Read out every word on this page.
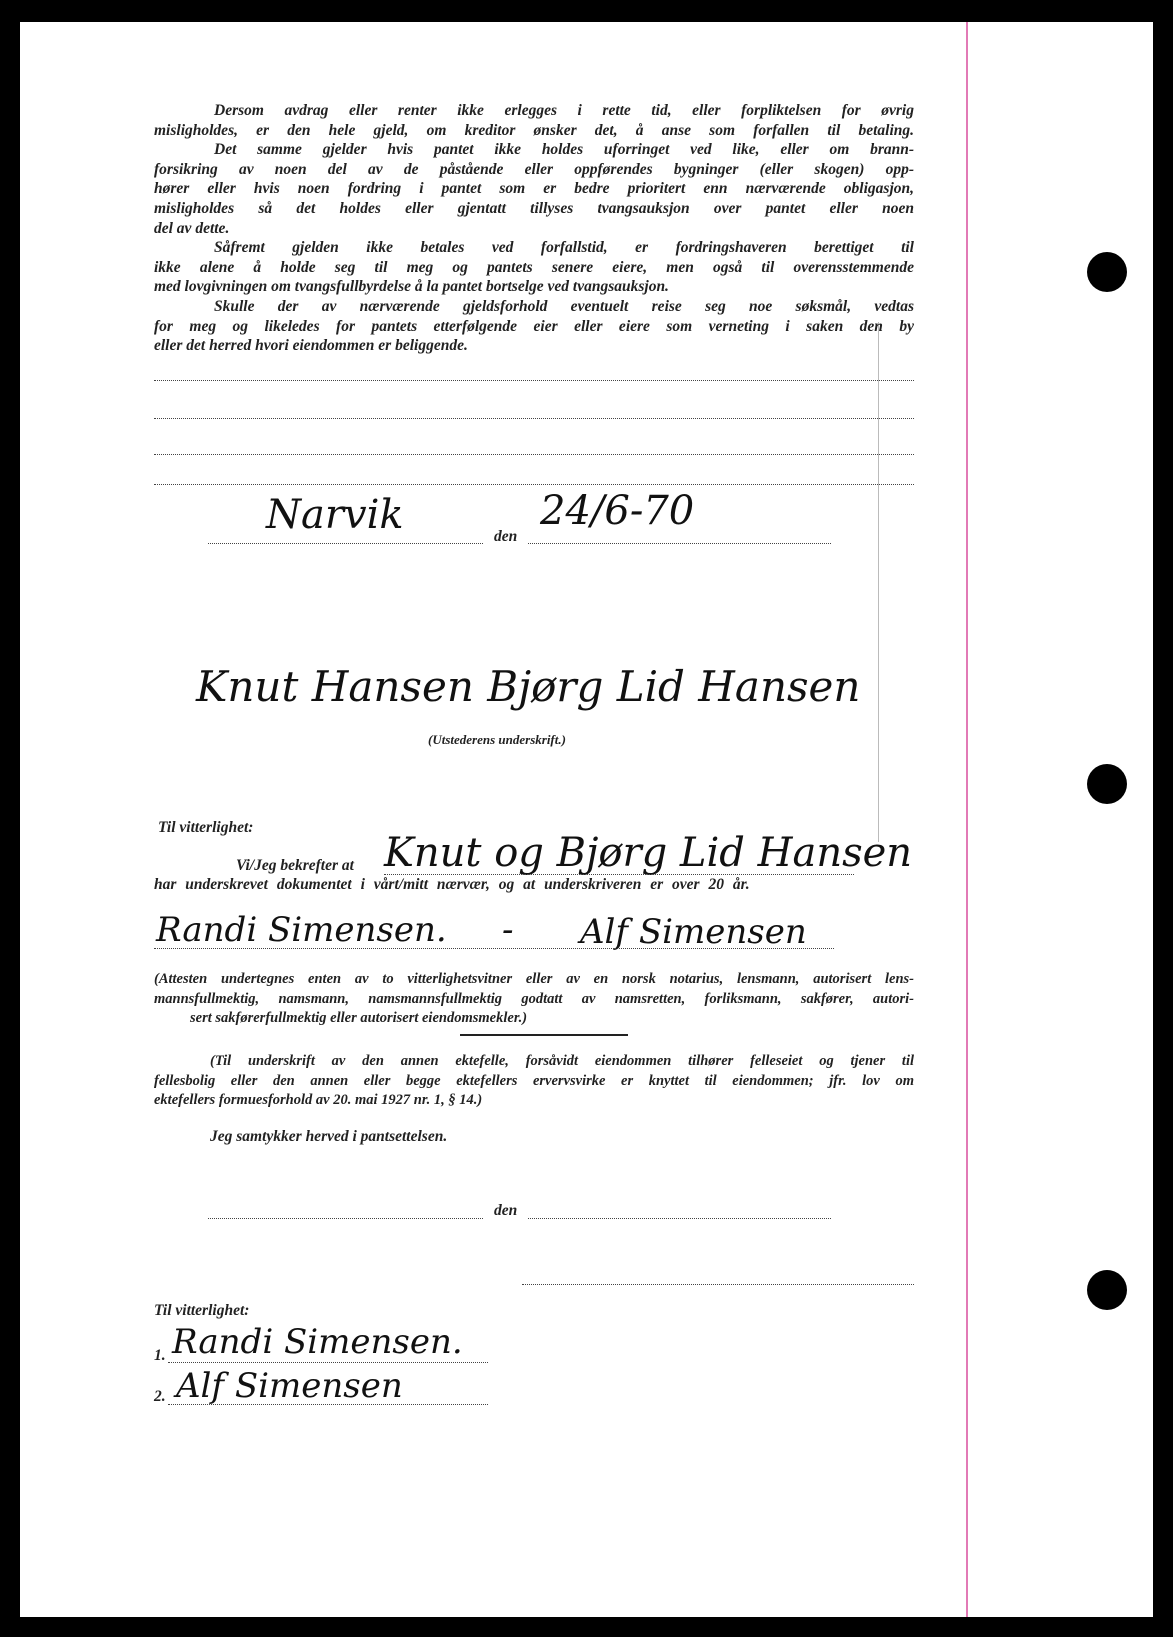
Dersom avdrag eller renter ikke erlegges i rette tid, eller forpliktelsen for øvrig

misligholdes, er den hele gjeld, om kreditor ønsker det, å anse som forfallen til betaling.

Det samme gjelder hvis pantet ikke holdes uforringet ved like, eller om brann-

forsikring av noen del av de påstående eller oppførendes bygninger (eller skogen) opp-

hører eller hvis noen fordring i pantet som er bedre prioritert enn nærværende obligasjon,

misligholdes så det holdes eller gjentatt tillyses tvangsauksjon over pantet eller noen

del av dette.

Såfremt gjelden ikke betales ved forfallstid, er fordringshaveren berettiget til

ikke alene å holde seg til meg og pantets senere eiere, men også til overensstemmende

med lovgivningen om tvangsfullbyrdelse å la pantet bortselge ved tvangsauksjon.

Skulle der av nærværende gjeldsforhold eventuelt reise seg noe søksmål, vedtas

for meg og likeledes for pantets etterfølgende eier eller eiere som verneting i saken den by

eller det herred hvori eiendommen er beliggende.

Narvik	den
24/6-70
Knut Hansen Bjørg Lid Hansen
(Utstederens underskrift.)
Til vitterlighet:
Vi/Jeg bekrefter at Knut og Bjørg Lid Hansen
har underskrevet dokumentet i vårt/mitt nærvær, og at underskriveren er over 20 år.
Randi Simensen. - Alf Simensen

(Attesten undertegnes enten av to vitterlighetsvitner eller av en norsk notarius, lensmann, autorisert lens-

mannsfullmektig, namsmann, namsmannsfullmektig godtatt av namsretten, forliksmann, sakfører, autori-

sert sakførerfullmektig eller autorisert eiendomsmekler.)

(Til underskrift av den annen ektefelle, forsåvidt eiendommen tilhører felleseiet og tjener til

fellesbolig eller den annen eller begge ektefellers ervervsvirke er knyttet til eiendommen; jfr. lov om

ektefellers formuesforhold av 20. mai 1927 nr. 1, § 14.)

Jeg samtykker herved i pantsettelsen.
den
Til vitterlighet:
1. Randi Simensen.
2. Alf Simensen
